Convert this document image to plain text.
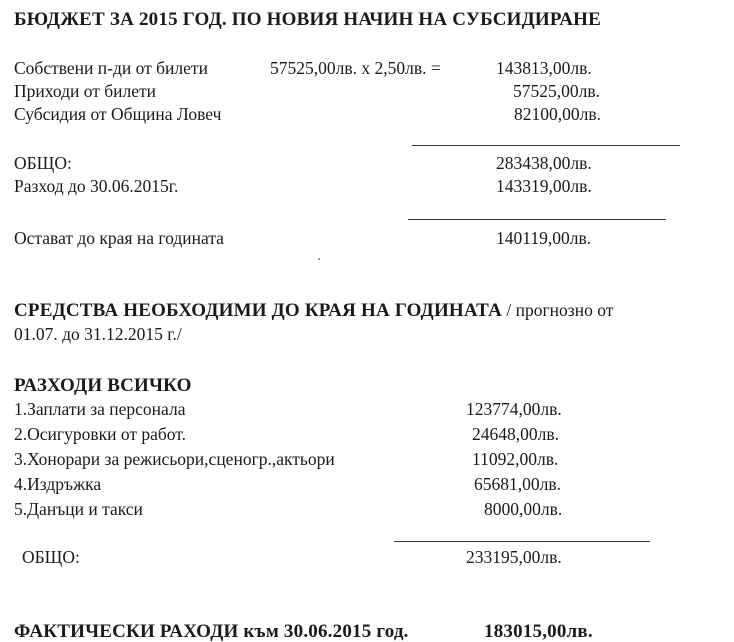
БЮДЖЕТ ЗА 2015 ГОД. ПО НОВИЯ НАЧИН НА СУБСИДИРАНЕ
Собствени п-ди от билети	57525,00лв. х 2,50лв. =	143813,00лв.
Приходи от билети	57525,00лв.
Субсидия от Община Ловеч	82100,00лв.
ОБЩО:	283438,00лв.
Разход до 30.06.2015г.	143319,00лв.
Остават до края на годината	140119,00лв.
СРЕДСТВА НЕОБХОДИМИ ДО КРАЯ НА ГОДИНАТА / прогнозно от
01.07. до 31.12.2015 г./
РАЗХОДИ ВСИЧКО
1.Заплати за персонала	123774,00лв.
2.Осигуровки от работ.	24648,00лв.
3.Хонорари за режисьори,сценогр.,актьори	11092,00лв.
4.Издръжка	65681,00лв.
5.Данъци и такси	8000,00лв.
ОБЩО:	233195,00лв.
ФАКТИЧЕСКИ РАХОДИ към 30.06.2015 год.	183015,00лв.
